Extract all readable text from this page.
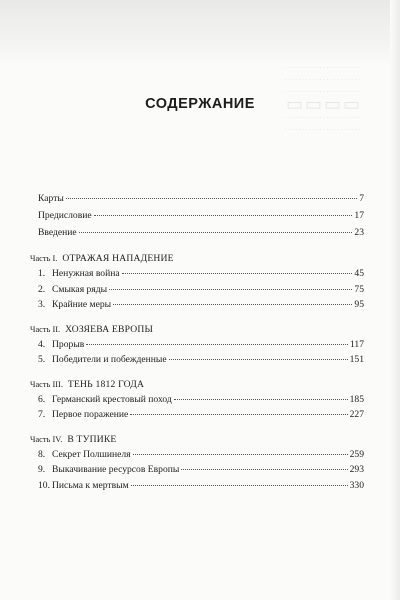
. . . . . . . . . . . . . . . . . . . . . .
. . . . . . . . . . . . . . . . . . . . . .
. . . . . . . . . . . . . . . . . . . . . .
▭▭▭▭
. . . . . . . . . . . . . . . . . . . . . .
. . . . . . . . . . . . . . . . . . . . . .
СОДЕРЖАНИЕ
Карты	7
Предисловие	17
Введение	23
Часть I. ОТРАЖАЯ НАПАДЕНИЕ
1. Ненужная война	45
2. Смыкая ряды	75
3. Крайние меры	95
Часть II. ХОЗЯЕВА ЕВРОПЫ
4. Прорыв	117
5. Победители и побежденные	151
Часть III. ТЕНЬ 1812 ГОДА
6. Германский крестовый поход	185
7. Первое поражение	227
Часть IV. В ТУПИКЕ
8. Секрет Полшинеля	259
9. Выкачивание ресурсов Европы	293
10. Письма к мертвым	330
